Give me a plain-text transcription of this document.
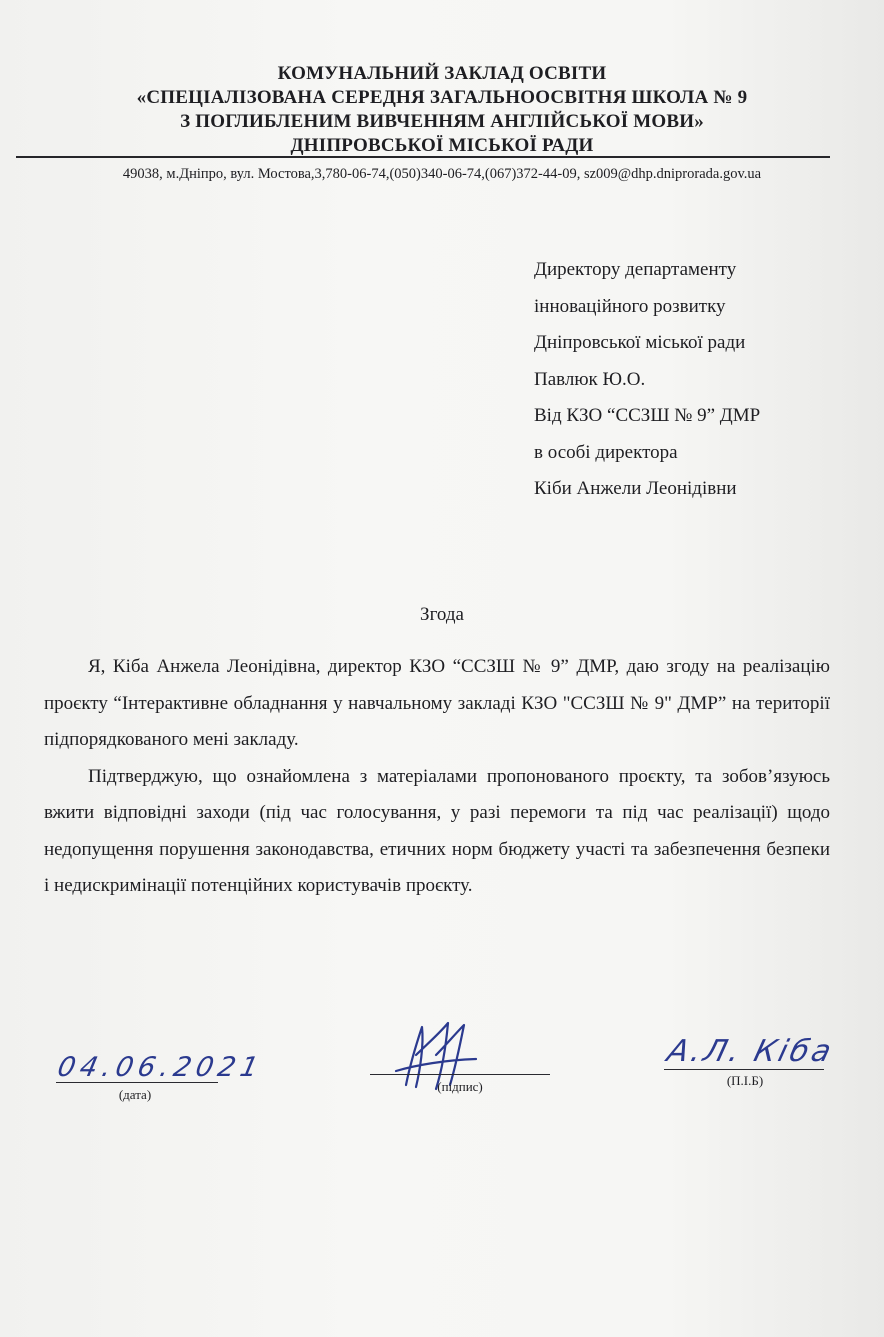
КОМУНАЛЬНИЙ ЗАКЛАД ОСВІТИ
«СПЕЦІАЛІЗОВАНА СЕРЕДНЯ ЗАГАЛЬНООСВІТНЯ ШКОЛА № 9
З ПОГЛИБЛЕНИМ ВИВЧЕННЯМ АНГЛІЙСЬКОЇ МОВИ»
ДНІПРОВСЬКОЇ МІСЬКОЇ РАДИ
49038, м.Дніпро, вул. Мостова,3,780-06-74,(050)340-06-74,(067)372-44-09, sz009@dhp.dniprorada.gov.ua
Директору департаменту
інноваційного розвитку
Дніпровської міської ради
Павлюк Ю.О.
Від КЗО “ССЗШ № 9” ДМР
в особі директора
Кіби Анжели Леонідівни
Згода

Я, Кіба Анжела Леонідівна, директор КЗО “ССЗШ № 9” ДМР, даю згоду на реалізацію проєкту “Інтерактивне обладнання у навчальному закладі КЗО "ССЗШ № 9" ДМР” на території підпорядкованого мені закладу.

Підтверджую, що ознайомлена з матеріалами пропонованого проєкту, та зобов’язуюсь вжити відповідні заходи (під час голосування, у разі перемоги та під час реалізації) щодо недопущення порушення законодавства, етичних норм бюджету участі та забезпечення безпеки і недискримінації потенційних користувачів проєкту.

04.06.2021
(дата)
(підпис)
А.Л. Кіба
(П.І.Б)
